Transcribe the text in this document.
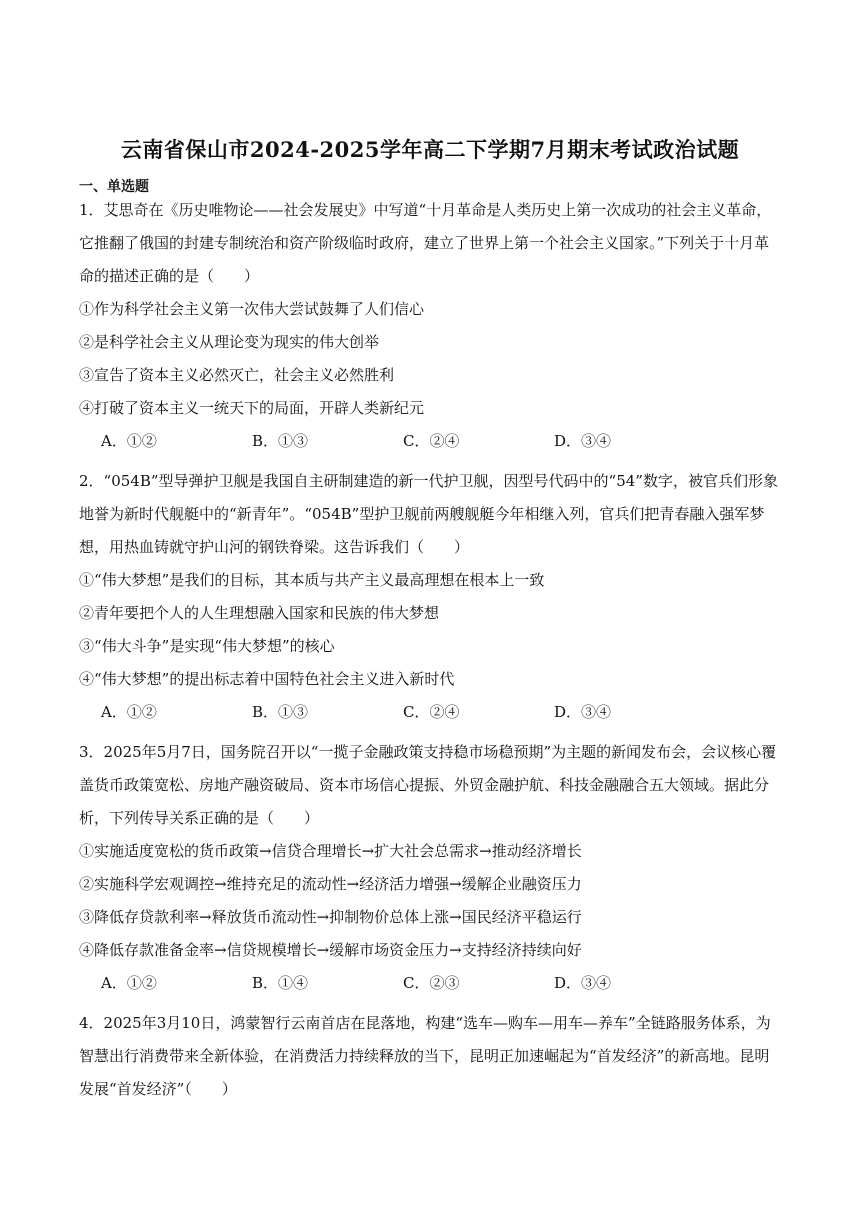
云南省保山市2024-2025学年高二下学期7月期末考试政治试题
一、单选题

1．艾思奇在《历史唯物论——社会发展史》中写道“十月革命是人类历史上第一次成功的社会主义革命，它推翻了俄国的封建专制统治和资产阶级临时政府，建立了世界上第一个社会主义国家。”下列关于十月革命的描述正确的是（　　）

①作为科学社会主义第一次伟大尝试鼓舞了人们信心

②是科学社会主义从理论变为现实的伟大创举

③宣告了资本主义必然灭亡，社会主义必然胜利

④打破了资本主义一统天下的局面，开辟人类新纪元

A．①②	B．①③	C．②④	D．③④

2．“054B”型导弹护卫舰是我国自主研制建造的新一代护卫舰，因型号代码中的“54”数字，被官兵们形象地誉为新时代舰艇中的“新青年”。“054B”型护卫舰前两艘舰艇今年相继入列，官兵们把青春融入强军梦想，用热血铸就守护山河的钢铁脊梁。这告诉我们（　　）

①“伟大梦想”是我们的目标，其本质与共产主义最高理想在根本上一致

②青年要把个人的人生理想融入国家和民族的伟大梦想

③“伟大斗争”是实现“伟大梦想”的核心

④“伟大梦想”的提出标志着中国特色社会主义进入新时代

A．①②	B．①③	C．②④	D．③④

3．2025年5月7日，国务院召开以“一揽子金融政策支持稳市场稳预期”为主题的新闻发布会，会议核心覆盖货币政策宽松、房地产融资破局、资本市场信心提振、外贸金融护航、科技金融融合五大领域。据此分析，下列传导关系正确的是（　　）

①实施适度宽松的货币政策→信贷合理增长→扩大社会总需求→推动经济增长

②实施科学宏观调控→维持充足的流动性→经济活力增强→缓解企业融资压力

③降低存贷款利率→释放货币流动性→抑制物价总体上涨→国民经济平稳运行

④降低存款准备金率→信贷规模增长→缓解市场资金压力→支持经济持续向好

A．①②	B．①④	C．②③	D．③④

4．2025年3月10日，鸿蒙智行云南首店在昆落地，构建“选车—购车—用车—养车”全链路服务体系，为智慧出行消费带来全新体验，在消费活力持续释放的当下，昆明正加速崛起为“首发经济”的新高地。昆明发展“首发经济”（　　）
